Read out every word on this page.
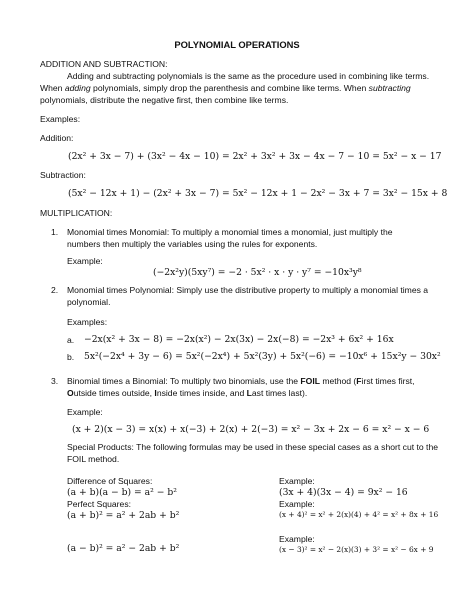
POLYNOMIAL OPERATIONS
ADDITION AND SUBTRACTION:
Adding and subtracting polynomials is the same as the procedure used in combining like terms.
When adding polynomials, simply drop the parenthesis and combine like terms. When subtracting
polynomials, distribute the negative first, then combine like terms.
Examples:
Addition:
(2x² + 3x − 7) + (3x² − 4x − 10) = 2x² + 3x² + 3x − 4x − 7 − 10 = 5x² − x − 17
Subtraction:
(5x² − 12x + 1) − (2x² + 3x − 7) = 5x² − 12x + 1 − 2x² − 3x + 7 = 3x² − 15x + 8
MULTIPLICATION:
1. Monomial times Monomial: To multiply a monomial times a monomial, just multiply the
numbers then multiply the variables using the rules for exponents.
Example:
(−2x²y)(5xy⁷) = −2 · 5x² · x · y · y⁷ = −10x³y⁸
2. Monomial times Polynomial: Simply use the distributive property to multiply a monomial times a
polynomial.
Examples:
a. −2x(x² + 3x − 8) = −2x(x²) − 2x(3x) − 2x(−8) = −2x³ + 6x² + 16x
b. 5x²(−2x⁴ + 3y − 6) = 5x²(−2x⁴) + 5x²(3y) + 5x²(−6) = −10x⁶ + 15x²y − 30x²
3. Binomial times a Binomial: To multiply two binomials, use the FOIL method (First times first,
Outside times outside, Inside times inside, and Last times last).
Example:
(x + 2)(x − 3) = x(x) + x(−3) + 2(x) + 2(−3) = x² − 3x + 2x − 6 = x² − x − 6
Special Products: The following formulas may be used in these special cases as a short cut to the
FOIL method.
Difference of Squares:
(a + b)(a − b) = a² − b²
Example:
(3x + 4)(3x − 4) = 9x² − 16
Perfect Squares:
(a + b)² = a² + 2ab + b²
Example:
(x + 4)² = x² + 2(x)(4) + 4² = x² + 8x + 16
(a − b)² = a² − 2ab + b²
Example:
(x − 3)² = x² − 2(x)(3) + 3² = x² − 6x + 9
